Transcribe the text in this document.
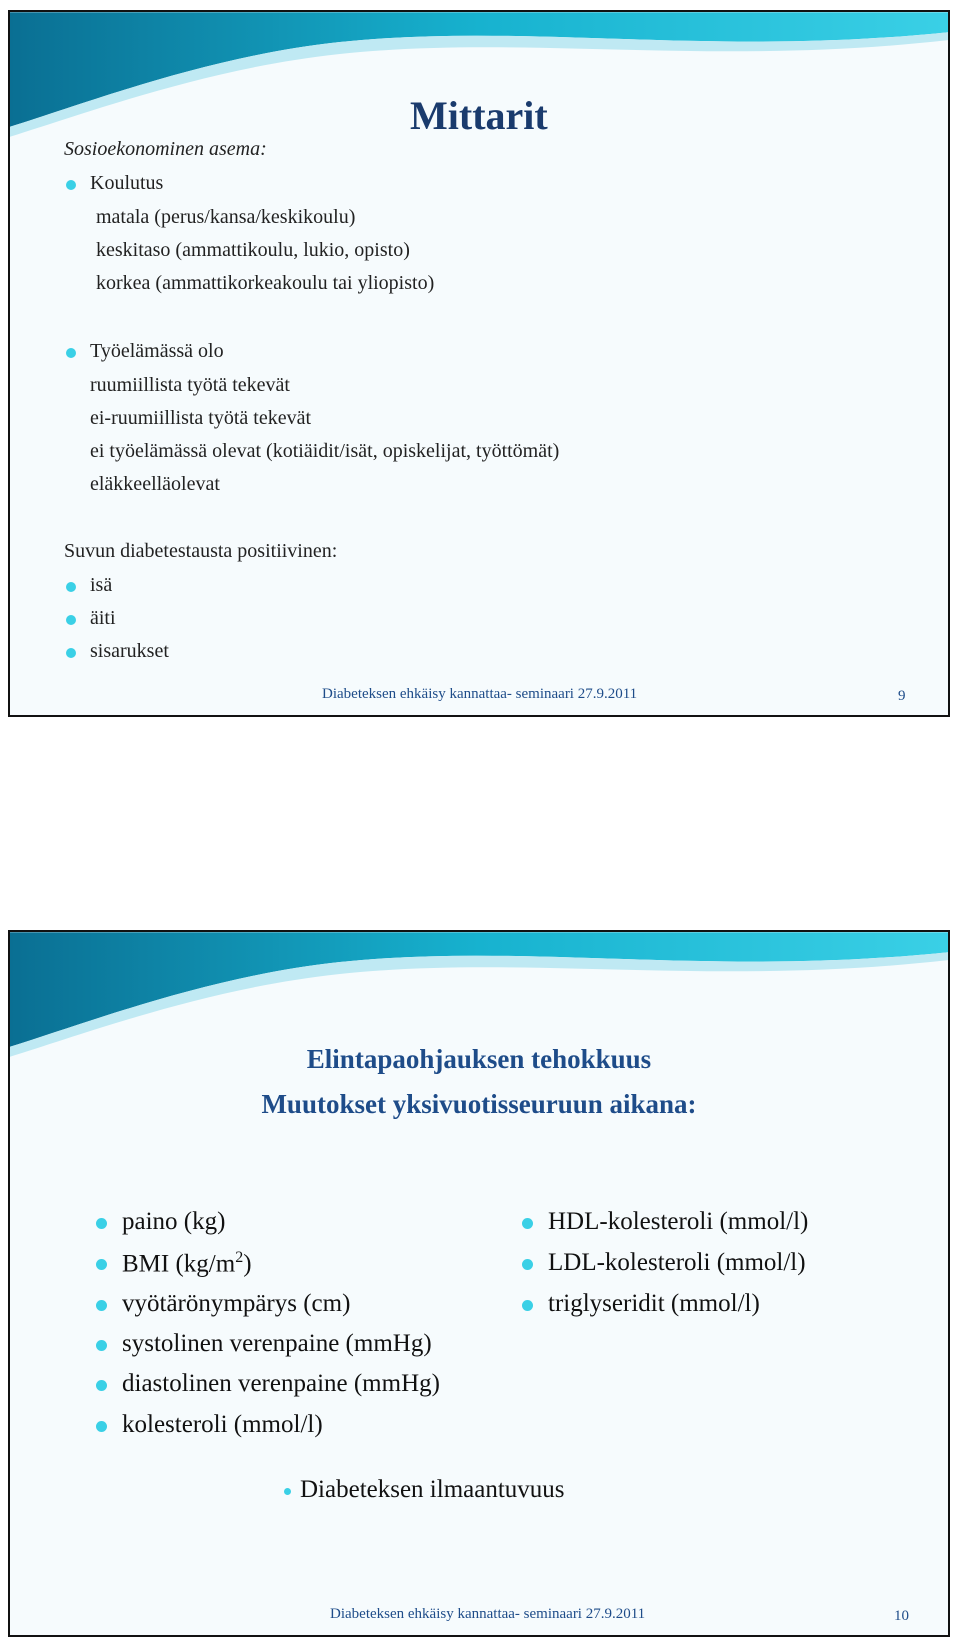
Mittarit

Sosioekonominen asema:

Koulutus

matala (perus/kansa/keskikoulu)

keskitaso (ammattikoulu, lukio, opisto)

korkea (ammattikorkeakoulu tai yliopisto)

Työelämässä olo

ruumiillista työtä tekevät

ei-ruumiillista työtä tekevät

ei työelämässä olevat (kotiäidit/isät, opiskelijat, työttömät)

eläkkeelläolevat

Suvun diabetestausta positiivinen:

isä

äiti

sisarukset

Diabeteksen ehkäisy kannattaa- seminaari 27.9.2011	9
Elintapaohjauksen tehokkuus
Muutokset yksivuotisseuruun aikana:

paino (kg)

BMI $(kg/m^2)$

vyötärönympärys (cm)

systolinen verenpaine (mmHg)

diastolinen verenpaine (mmHg)

kolesteroli (mmol/l)

HDL-kolesteroli (mmol/l)

LDL-kolesteroli (mmol/l)

triglyseridit (mmol/l)

Diabeteksen ilmaantuvuus

Diabeteksen ehkäisy kannattaa- seminaari 27.9.2011	10
